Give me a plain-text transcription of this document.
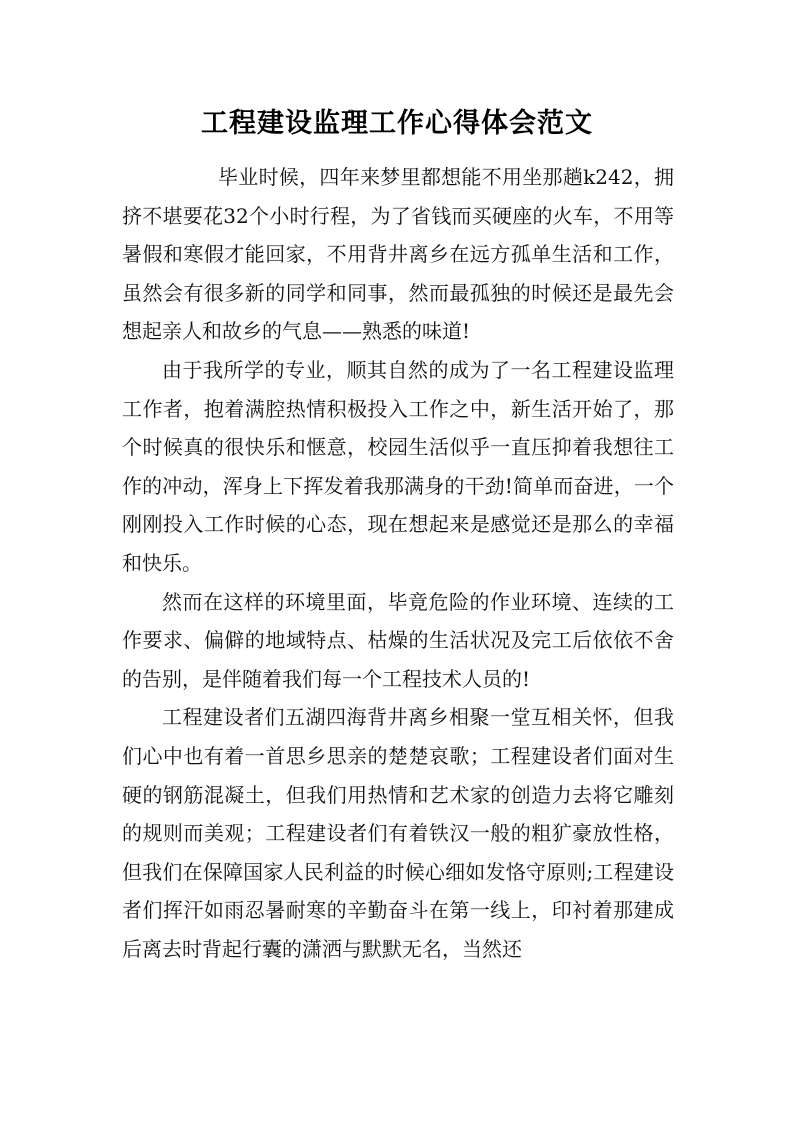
工程建设监理工作心得体会范文

毕业时候，四年来梦里都想能不用坐那趟k242，拥挤不堪要花32个小时行程，为了省钱而买硬座的火车，不用等暑假和寒假才能回家，不用背井离乡在远方孤单生活和工作，虽然会有很多新的同学和同事，然而最孤独的时候还是最先会想起亲人和故乡的气息——熟悉的味道!

由于我所学的专业，顺其自然的成为了一名工程建设监理工作者，抱着满腔热情积极投入工作之中，新生活开始了，那个时候真的很快乐和惬意，校园生活似乎一直压抑着我想往工作的冲动，浑身上下挥发着我那满身的干劲!简单而奋进，一个刚刚投入工作时候的心态，现在想起来是感觉还是那么的幸福和快乐。

然而在这样的环境里面，毕竟危险的作业环境、连续的工作要求、偏僻的地域特点、枯燥的生活状况及完工后依依不舍的告别，是伴随着我们每一个工程技术人员的!

工程建设者们五湖四海背井离乡相聚一堂互相关怀，但我们心中也有着一首思乡思亲的楚楚哀歌；工程建设者们面对生硬的钢筋混凝土，但我们用热情和艺术家的创造力去将它雕刻的规则而美观；工程建设者们有着铁汉一般的粗犷豪放性格，但我们在保障国家人民利益的时候心细如发恪守原则;工程建设者们挥汗如雨忍暑耐寒的辛勤奋斗在第一线上，印衬着那建成后离去时背起行囊的潇洒与默默无名，当然还
